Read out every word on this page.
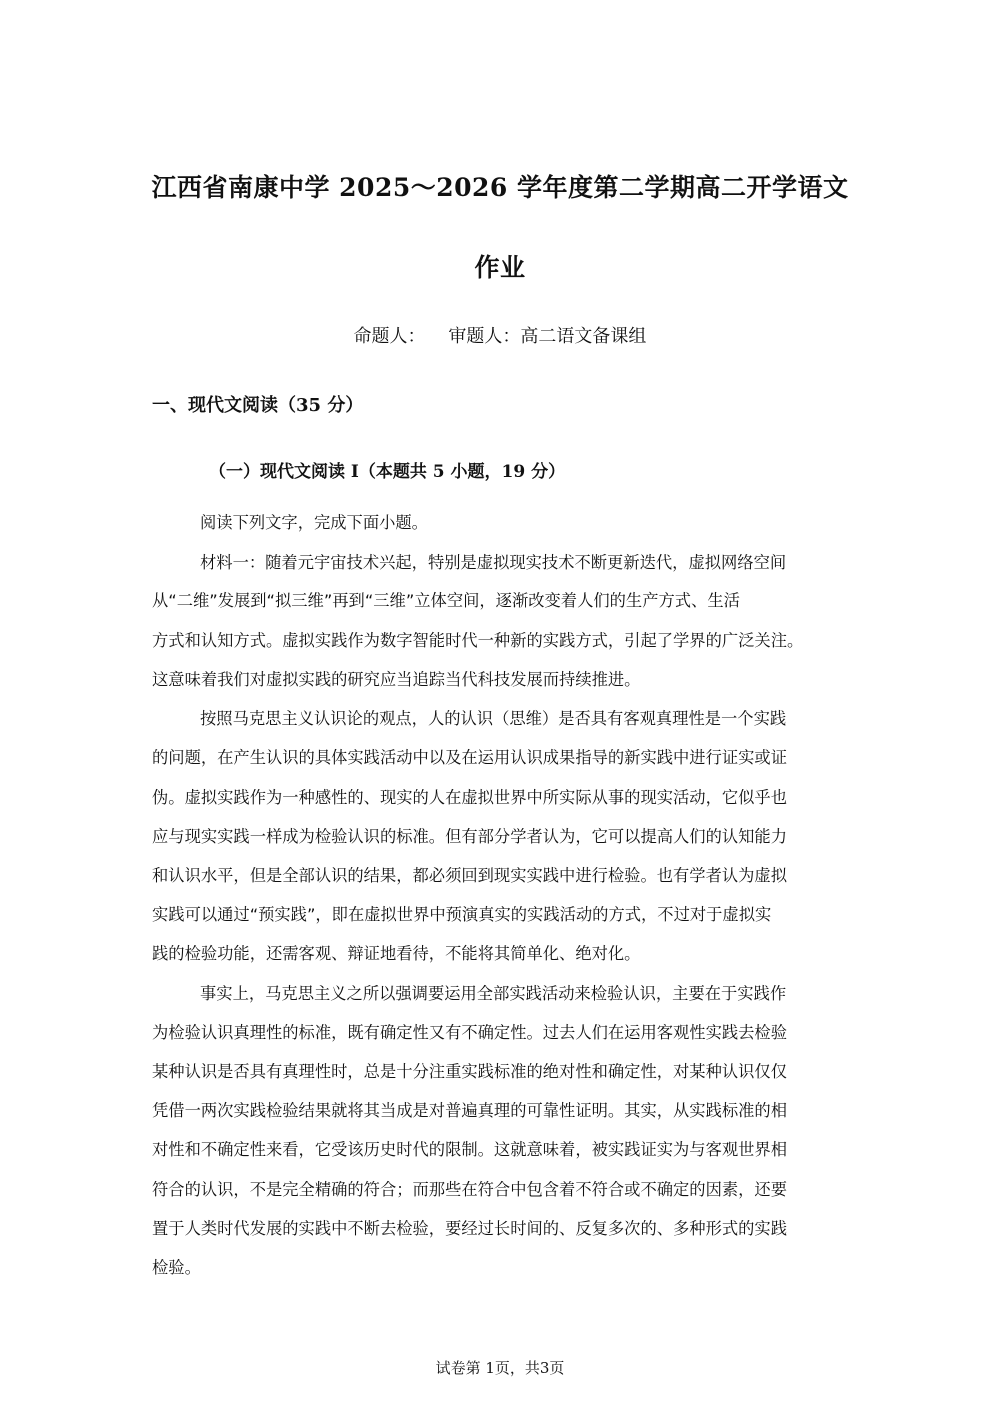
江西省南康中学 2025～2026 学年度第二学期高二开学语文
作业
命题人：    审题人：高二语文备课组
一、现代文阅读（35 分）
（一）现代文阅读 I（本题共 5 小题，19 分）
阅读下列文字，完成下面小题。
材料一：随着元宇宙技术兴起，特别是虚拟现实技术不断更新迭代，虚拟网络空间
从“二维”发展到“拟三维”再到“三维”立体空间，逐渐改变着人们的生产方式、生活
方式和认知方式。虚拟实践作为数字智能时代一种新的实践方式，引起了学界的广泛关注。
这意味着我们对虚拟实践的研究应当追踪当代科技发展而持续推进。
按照马克思主义认识论的观点，人的认识（思维）是否具有客观真理性是一个实践
的问题，在产生认识的具体实践活动中以及在运用认识成果指导的新实践中进行证实或证
伪。虚拟实践作为一种感性的、现实的人在虚拟世界中所实际从事的现实活动，它似乎也
应与现实实践一样成为检验认识的标准。但有部分学者认为，它可以提高人们的认知能力
和认识水平，但是全部认识的结果，都必须回到现实实践中进行检验。也有学者认为虚拟
实践可以通过“预实践”，即在虚拟世界中预演真实的实践活动的方式，不过对于虚拟实
践的检验功能，还需客观、辩证地看待，不能将其简单化、绝对化。
事实上，马克思主义之所以强调要运用全部实践活动来检验认识，主要在于实践作
为检验认识真理性的标准，既有确定性又有不确定性。过去人们在运用客观性实践去检验
某种认识是否具有真理性时，总是十分注重实践标准的绝对性和确定性，对某种认识仅仅
凭借一两次实践检验结果就将其当成是对普遍真理的可靠性证明。其实，从实践标准的相
对性和不确定性来看，它受该历史时代的限制。这就意味着，被实践证实为与客观世界相
符合的认识，不是完全精确的符合；而那些在符合中包含着不符合或不确定的因素，还要
置于人类时代发展的实践中不断去检验，要经过长时间的、反复多次的、多种形式的实践
检验。
试卷第 1页，共3页
